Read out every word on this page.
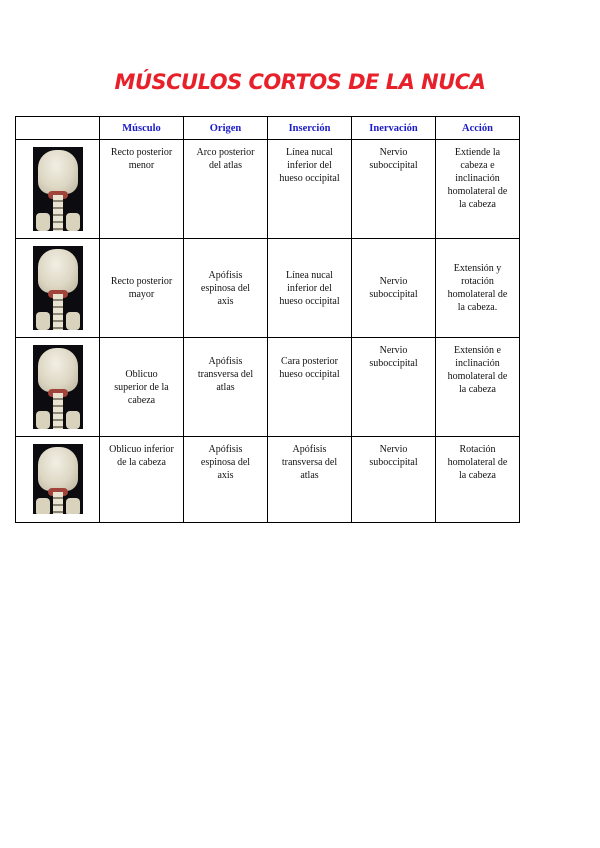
MÚSCULOS CORTOS DE LA NUCA
	Músculo	Origen	Inserción	Inervación	Acción

	Recto posterior
menor	Arco posterior
del atlas	Línea nucal
inferior del
hueso occipital	Nervio
suboccipital	Extiende la
cabeza e
inclinación
homolateral de
la cabeza

	Recto posterior
mayor	Apófisis
espinosa del
axis	Línea nucal
inferior del
hueso occipital	Nervio
suboccipital	Extensión y
rotación
homolateral de
la cabeza.

	Oblicuo
superior de la
cabeza	Apófisis
transversa del
atlas	Cara posterior
hueso occipital	Nervio
suboccipital	Extensión e
inclinación
homolateral de
la cabeza

	Oblicuo inferior
de la cabeza	Apófisis
espinosa del
axis	Apófisis
transversa del
atlas	Nervio
suboccipital	Rotación
homolateral de
la cabeza
